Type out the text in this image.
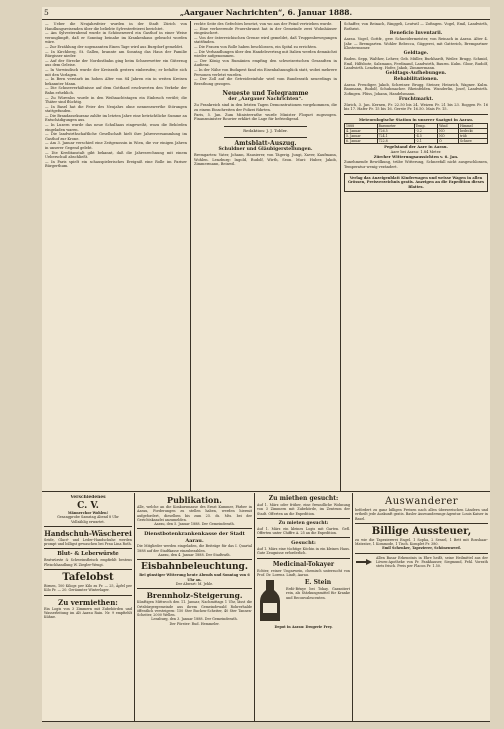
5	„Aargauer Nachrichten“, 6. Januar 1888.
— Ueber die Neujahrsfeier wurden in der Stadt Zürich von Handlungsreisenden über die beliebte Sylvesterfeierei berichtet.
— Am Sylvesterabend wurde in Schönenwerd ein Gasthof in einer Weise verunglimpft, daß er Sonntag beinahe im Krankenhaus gebracht worden wäre.
— Zur Erzählung der sogenannten Einen Tage wird aus Burgdorf gemeldet.
— In Kirchberg, St. Gallen, brannte am Sonntag das Haus der Familie Bürgisser nieder.
— Auf der Strecke der Nordostbahn ging beim Schneewetter ein Güterzug aus dem Geleise.
— In Vorwindisch wurde der Kreisrath gestern einberufen; er befaßte sich mit den Vorlagen.
— In Bern verstarb im hohen Alter von 84 Jahren ein in weiten Kreisen bekannter Mann.
— Die Schneeverhältnisse auf dem Gotthard erschwerten den Verkehr der Bahn erheblich.
— Zu Würenlos wurde in den Weihnachtstagen ein Einbruch verübt; die Thäter sind flüchtig.
— In Basel hat die Feier des Neujahrs ohne nennenswerthe Störungen stattgefunden.
— Die Brandassekuranz zahlte im letzten Jahre eine beträchtliche Summe an Entschädigungen aus.
— In Luzern wurde das neue Schulhaus eingeweiht, wozu die Behörden eingeladen waren.
— Die landwirthschaftliche Gesellschaft hielt ihre Jahresversammlung im Gasthof zur Krone.
— Am 3. Januar verschied eine Zeitgenossin in Wien, die vor einigen Jahren in unserer Gegend gelebt.
— Die Kreditanstalt gibt bekannt, daß die Jahresrechnung mit einem Ueberschuß abschließt.
— In Paris spielt ein schauspielerisches Ereigniß eine Rolle im Pariser Bürgerthum.
rechte Seite des Gefechtes besetzt, von wo aus der Feind vertrieben wurde.
— Eine verheerende Feuersbrunst hat in der Gemeinde zwei Wohnhäuser eingeäschert.
— Von der österreichischen Grenze wird gemeldet, daß Truppenbewegungen stattfinden.
— Die Frauen von Rolle haben beschlossen, ein Spital zu errichten.
— Die Verhandlungen über den Handelsvertrag mit Italien werden demnächst wieder aufgenommen.
— Der König von Rumänien empfing den schweizerischen Gesandten in Audienz.
— In der Nähe von Budapest fand ein Eisenbahnunglück statt, wobei mehrere Personen verletzt wurden.
— Der Zoll auf die Getreideeinfuhr wird vom Bundesrath neuerdings in Berathung gezogen.
Neueste und Telegramme
der „Aargauer Nachrichten“.
Zu Frankreich sind in den letzten Tagen Demonstrationen vorgekommen, die zu einem Einschreiten der Polizei führten.
Paris, 5. Jan. Zum Ministerrathe wurde Minister Floquet zugezogen. Finanzminister Rouvier erklärt die Lage für befriedigend.
Redaktion: J. J. Tobler.
Amtsblatt-Auszug.
Schuldner und Gläubigerstellungen.
Bremgarten: Vater, Johann, Hausierer, von Tägerig. Jungi, Xaver, Kaufmann, Wohlen. Lenzburg: Ingold, Rudolf, Wirth, Seon. Muri: Huber, Jakob, Zimmermann, Beinwil.
Schaffer, von Reinach, Ringgeli, Leutwil — Zofingen. Vogel, Emil, Landwirth, Rothrist.
Beneficio Inventarii.
Aarau. Vogel, Gottfr., gew. Schneidermeister, von Reinach in Aarau. Alter 4. Jahr. — Bremgarten. Wohler Rebecca, Güggerei, mit Gatterich, Bremgartner Klostermsmer.
Geldtage.
Baden. Sepp, Walther, Lehrer, Geb. Müller, Burkhardt, Weiler. Brugg. Schmid, Emil, Hilfsbote, Salzmann, Ferdinand, Landwirth, Baurm. Kulm. Gloor, Rudolf, Landwirth. Lenzburg. Hofer, Jakob, Zimmermann.
Geldtags-Aufhebungen.
Rehabilitationen.
Aarau. Freudiger, Jakob, Schreiner. Brugg. Steiner, Heinrich, Wagner. Kulm. Baumann, Rudolf, Schuhmacher. Rheinfelden. Wunderlin, Josef, Landwirth. Zofingen. Plüss, Johann, Handelsmann.
Fruchtmarkt.
Zürich, 3. Jan. Kernen, Fr. 22.50 bis 24. Weizen Fr. 21 bis 23. Roggen Fr. 16 bis 17. Hafer Fr. 15 bis 16. Gerste Fr. 16.50. Mais Fr. 15.
Meteorologische Station in unserer Saatgut in Aarau.
1888	Barometer	Temp.	Wind	Himmel
4. Januar	726.5	-3.2	NO	bedeckt
5. Januar	724.1	-4.5	NO	trüb
6. Januar	722.8	-2.1	O	Schnee
Pegelstand der Aare in Aarau.
Aare bei Aarau: 1.84 Meter.
Zürcher Witterungsaussichten v. 6. Jan.
Zunehmende Bewölkung, trübe Witterung, Schneefall nicht ausgeschlossen, Temperatur wenig verändert.
Verlag das Anzeigenblatt Kinderwagen und weisse Wagen in allen Grössen, Preisverzeichnis gratis. Anzeigen an die Expedition dieses Blattes.
Verschiedenes
C. V.
Männerchor Wohlen!
Gesangprobe Samstag Abend 8 Uhr
Vollzählig erwartet.
Handschuh-Wäscherei
Seide, Glacé- und Leder-Handschuhe werden prompt und billigst gewaschen bei Frau Lina Roth.
Blut- & Leberwürste
Bratwürste & Schweinsfleisch empfiehlt bestens Fleischhandlung W. Ziegler-Wengi.
Tafelobst
Birnen, 100 Kilogr. per Kilo zu Fr. — 25, Äpfel per Kilo Fr. — 20. Geräumter Winterlager.
Zu vermiethen:
Ein Logis von 3 Zimmern mit Zubehörden und Wasserleitung im Alt Aarau Rain. Nr. 9 empfiehlt Kühne.
Publikation.
Alle, welche an die Konkursmasse des Ernst Kummer, Färber in Aarau, Forderungen zu stellen haben, werden hiermit aufgefordert, dieselben bis zum 25. ds. Mts. bei der Gerichtskanzlei anzumelden.
Aarau, den 5. Januar 1888. Der Gemeinderath.
Dienstbotenkrankenkasse der Stadt Aarau.
Die Mitglieder werden eingeladen, die Beiträge für das I. Quartal 1888 auf der Stadtkasse einzubezahlen.
Aarau, den 4. Januar 1888. Der Stadtrath.
Eisbahnbeleuchtung.
Bei günstiger Witterung heute Abends und Sonntag von 6 Uhr an.
Der Abwart: M. Jehle.
Brennholz-Steigerung.
Künftigen Mittwoch den 11. Januar, Nachmittags 1 Uhr, lässt die Ortsbürgergemeinde aus ihrem Gemeindewald Rohrerhalde öffentlich versteigern: 150 Ster Buchen-Scheiter, 40 Ster Tannen-Scheiter, 2000 Wellen.
Lenzburg, den 3. Januar 1888. Der Gemeinderath.
Der Förster: Rud. Hemmeler.
Zu miethen gesucht:
Auf 1. März oder früher, eine freundliche Wohnung von 3 Zimmern mit Zubehörde, im Zentrum der Stadt. Offerten an die Expedition.
Zu mieten gesucht:
Auf 1. März ein kleines Logis mit Garten. Gefl. Offerten unter Chiffre A. 25 an die Expedition.
Gesucht:
Auf 1. März eine tüchtige Köchin in ein kleines Haus. Gute Zeugnisse erforderlich.
Medicinal-Tokayer
Echter, reiner Ungarwein, chemisch untersucht von Prof. Dr. Lorenz. Lindt, Aarau.
E. Stein
Erdö-Bénye bei Tokay. Garantiert rein, als Stärkungsmittel für Kranke und Reconvalescenten.
Depot in Aarau: Drogerie Frey.
Auswanderer
befördert zu ganz billigen Preisen nach allen überseeischen Ländern und ertheilt jede Auskunft gratis. Basler Auswanderungs-Agentur. Louis Kaiser in Basel.
Billige Aussteuer,
zu wie die Tapeziererei Engel. 1 Sopha, 2 Sessel, 1 Bett mit Rosshaar-Matratze, 1 Kommode, 1 Tisch. Komplet Fr. 380.
Emil Schenker, Tapezierer, Schönenwerd.
Allen Basar Erkenntnis in Ehre heißt, seine Heilmittel aus der Löwen-Apotheke von Fr. Fankhauser, Siegmund, Fehl. Vorrath stets frisch. Preis per Flacon Fr. 1.50.
